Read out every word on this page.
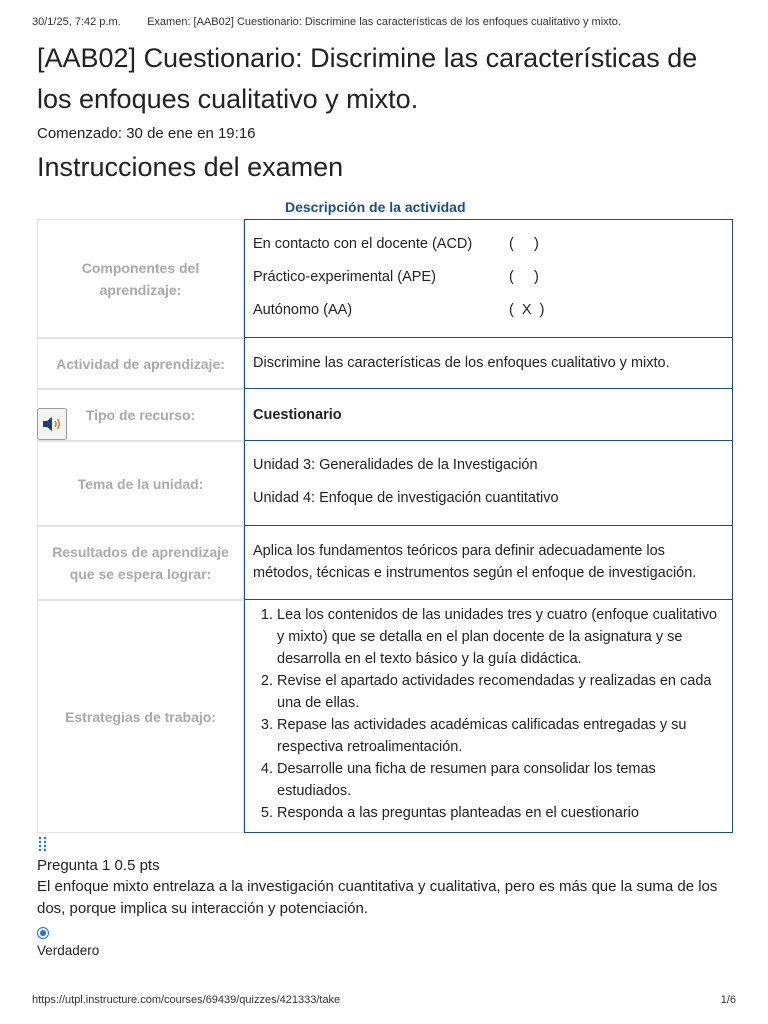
30/1/25, 7:42 p.m.	Examen: [AAB02] Cuestionario: Discrimine las características de los enfoques cualitativo y mixto.
[AAB02] Cuestionario: Discrimine las características de los enfoques cualitativo y mixto.
Comenzado: 30 de ene en 19:16
Instrucciones del examen
Descripción de la actividad
Componentes del aprendizaje:
En contacto con el docente (ACD)	(     )
Práctico-experimental (APE)	(     )
Autónomo (AA)	(  X  )
Actividad de aprendizaje:	Discrimine las características de los enfoques cualitativo y mixto.
Tipo de recurso:	Cuestionario
Tema de la unidad:
Unidad 3: Generalidades de la Investigación
Unidad 4: Enfoque de investigación cuantitativo
Resultados de aprendizaje que se espera lograr:
Aplica los fundamentos teóricos para definir adecuadamente los métodos, técnicas e instrumentos según el enfoque de investigación.
Estrategias de trabajo:
1. Lea los contenidos de las unidades tres y cuatro (enfoque cualitativo y mixto) que se detalla en el plan docente de la asignatura y se desarrolla en el texto básico y la guía didáctica.
2. Revise el apartado actividades recomendadas y realizadas en cada una de ellas.
3. Repase las actividades académicas calificadas entregadas y su respectiva retroalimentación.
4. Desarrolle una ficha de resumen para consolidar los temas estudiados.
5. Responda a las preguntas planteadas en el cuestionario
Pregunta 1 0.5 pts
El enfoque mixto entrelaza a la investigación cuantitativa y cualitativa, pero es más que la suma de los dos, porque implica su interacción y potenciación.
Verdadero
https://utpl.instructure.com/courses/69439/quizzes/421333/take	1/6
